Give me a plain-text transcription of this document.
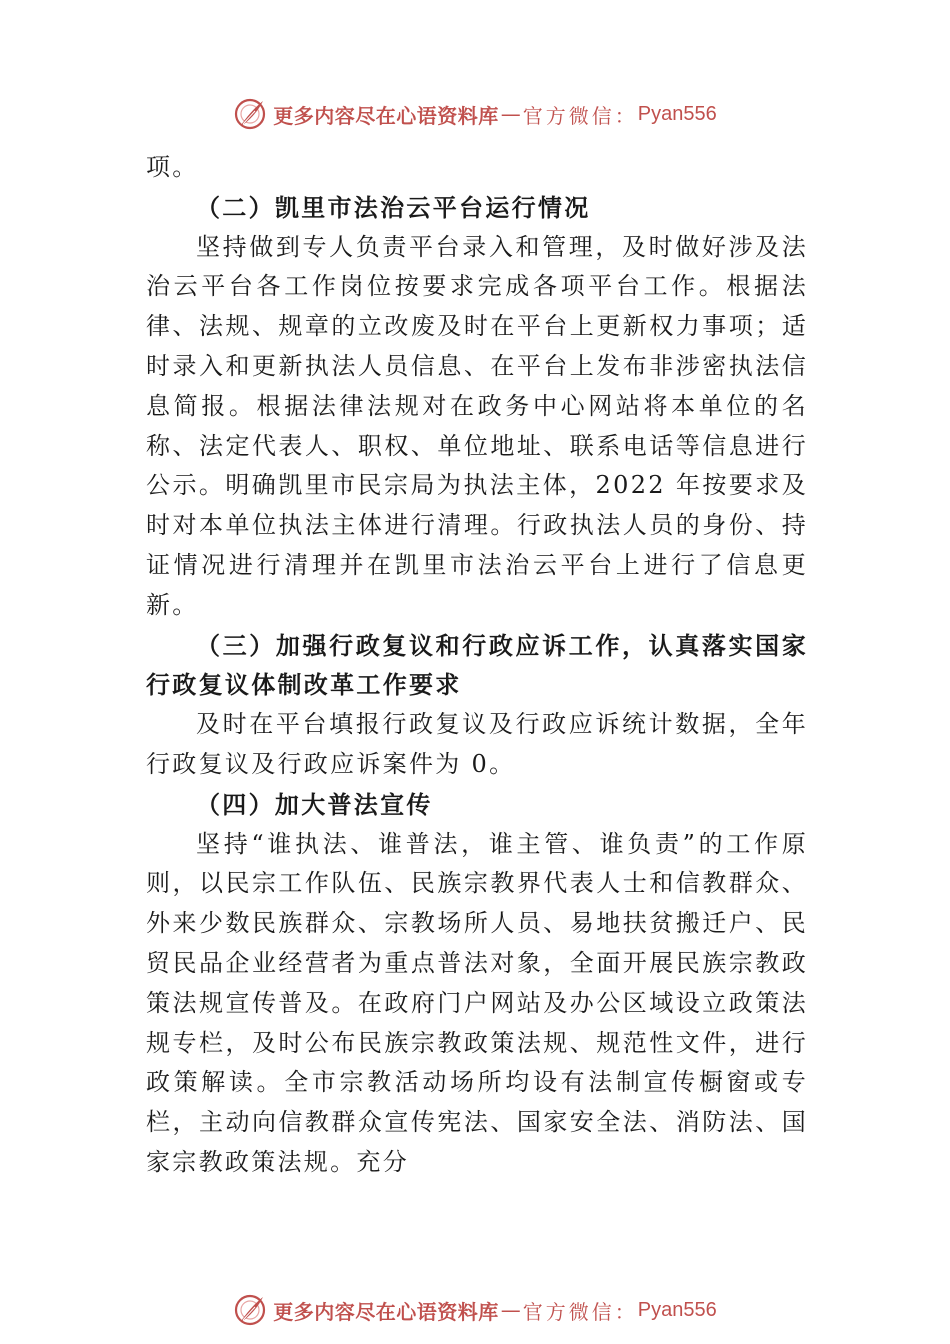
更多内容尽在心语资料库 — 官方微信： Pyan556

项。

（二）凯里市法治云平台运行情况

坚持做到专人负责平台录入和管理，及时做好涉及法治云平台各工作岗位按要求完成各项平台工作。根据法律、法规、规章的立改废及时在平台上更新权力事项；适时录入和更新执法人员信息、在平台上发布非涉密执法信息简报。根据法律法规对在政务中心网站将本单位的名称、法定代表人、职权、单位地址、联系电话等信息进行公示。明确凯里市民宗局为执法主体，2022 年按要求及时对本单位执法主体进行清理。行政执法人员的身份、持证情况进行清理并在凯里市法治云平台上进行了信息更新。

（三）加强行政复议和行政应诉工作，认真落实国家行政复议体制改革工作要求

及时在平台填报行政复议及行政应诉统计数据，全年行政复议及行政应诉案件为 0。

（四）加大普法宣传

坚持“谁执法、谁普法，谁主管、谁负责”的工作原则，以民宗工作队伍、民族宗教界代表人士和信教群众、外来少数民族群众、宗教场所人员、易地扶贫搬迁户、民贸民品企业经营者为重点普法对象，全面开展民族宗教政策法规宣传普及。在政府门户网站及办公区域设立政策法规专栏，及时公布民族宗教政策法规、规范性文件，进行政策解读。全市宗教活动场所均设有法制宣传橱窗或专栏，主动向信教群众宣传宪法、国家安全法、消防法、国家宗教政策法规。充分

更多内容尽在心语资料库 — 官方微信： Pyan556
